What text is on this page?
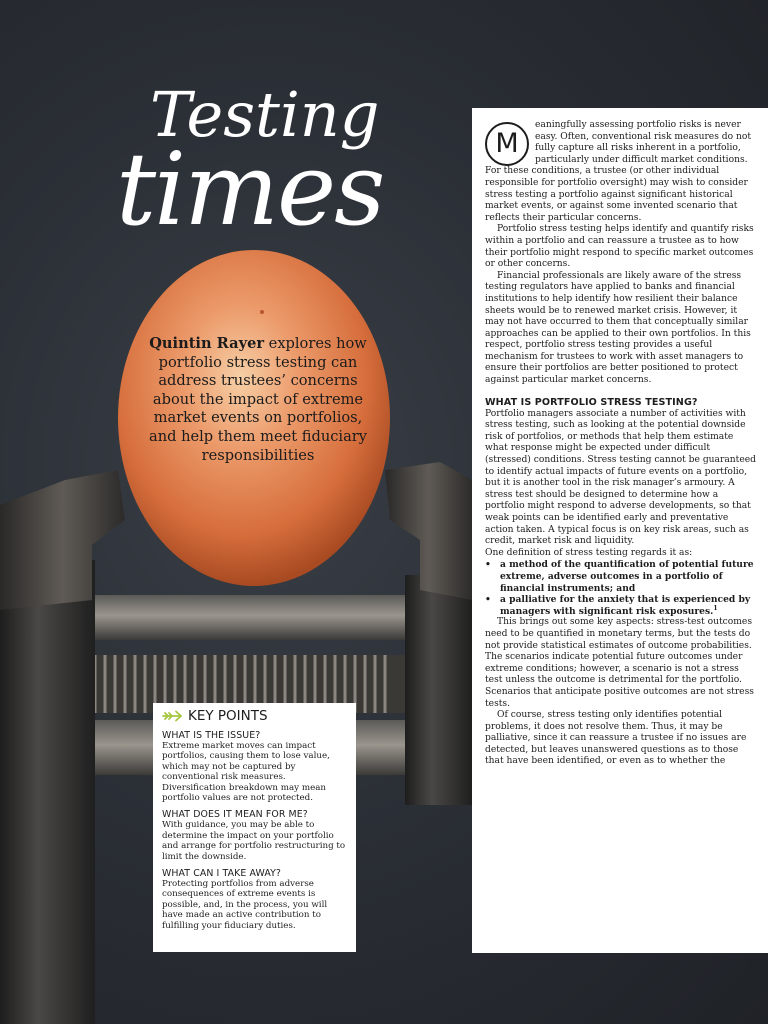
Testing
times
Quintin Rayer explores how portfolio stress testing can address trustees’ concerns about the impact of extreme market events on portfolios, and help them meet fiduciary responsibilities
M

eaningfully assessing portfolio risks is never easy. Often, conventional risk measures do not fully capture all risks inherent in a portfolio, particularly under difficult market conditions. For these conditions, a trustee (or other individual responsible for portfolio oversight) may wish to consider stress testing a portfolio against significant historical market events, or against some invented scenario that reflects their particular concerns.

Portfolio stress testing helps identify and quantify risks within a portfolio and can reassure a trustee as to how their portfolio might respond to specific market outcomes or other concerns.

Financial professionals are likely aware of the stress testing regulators have applied to banks and financial institutions to help identify how resilient their balance sheets would be to renewed market crisis. However, it may not have occurred to them that conceptually similar approaches can be applied to their own portfolios. In this respect, portfolio stress testing provides a useful mechanism for trustees to work with asset managers to ensure their portfolios are better positioned to protect against particular market concerns.

WHAT IS PORTFOLIO STRESS TESTING?

Portfolio managers associate a number of activities with stress testing, such as looking at the potential downside risk of portfolios, or methods that help them estimate what response might be expected under difficult (stressed) conditions. Stress testing cannot be guaranteed to identify actual impacts of future events on a portfolio, but it is another tool in the risk manager’s armoury. A stress test should be designed to determine how a portfolio might respond to adverse developments, so that weak points can be identified early and preventative action taken. A typical focus is on key risk areas, such as credit, market risk and liquidity.

One definition of stress testing regards it as:

• a method of the quantification of potential future extreme, adverse outcomes in a portfolio of financial instruments; and
• a palliative for the anxiety that is experienced by managers with significant risk exposures.$^1$

This brings out some key aspects: stress-test outcomes need to be quantified in monetary terms, but the tests do not provide statistical estimates of outcome probabilities. The scenarios indicate potential future outcomes under extreme conditions; however, a scenario is not a stress test unless the outcome is detrimental for the portfolio. Scenarios that anticipate positive outcomes are not stress tests.

Of course, stress testing only identifies potential problems, it does not resolve them. Thus, it may be palliative, since it can reassure a trustee if no issues are detected, but leaves unanswered questions as to those that have been identified, or even as to whether the

KEY POINTS
WHAT IS THE ISSUE?

Extreme market moves can impact portfolios, causing them to lose value, which may not be captured by conventional risk measures. Diversification breakdown may mean portfolio values are not protected.

WHAT DOES IT MEAN FOR ME?

With guidance, you may be able to determine the impact on your portfolio and arrange for portfolio restructuring to limit the downside.

WHAT CAN I TAKE AWAY?

Protecting portfolios from adverse consequences of extreme events is possible, and, in the process, you will have made an active contribution to fulfilling your fiduciary duties.
